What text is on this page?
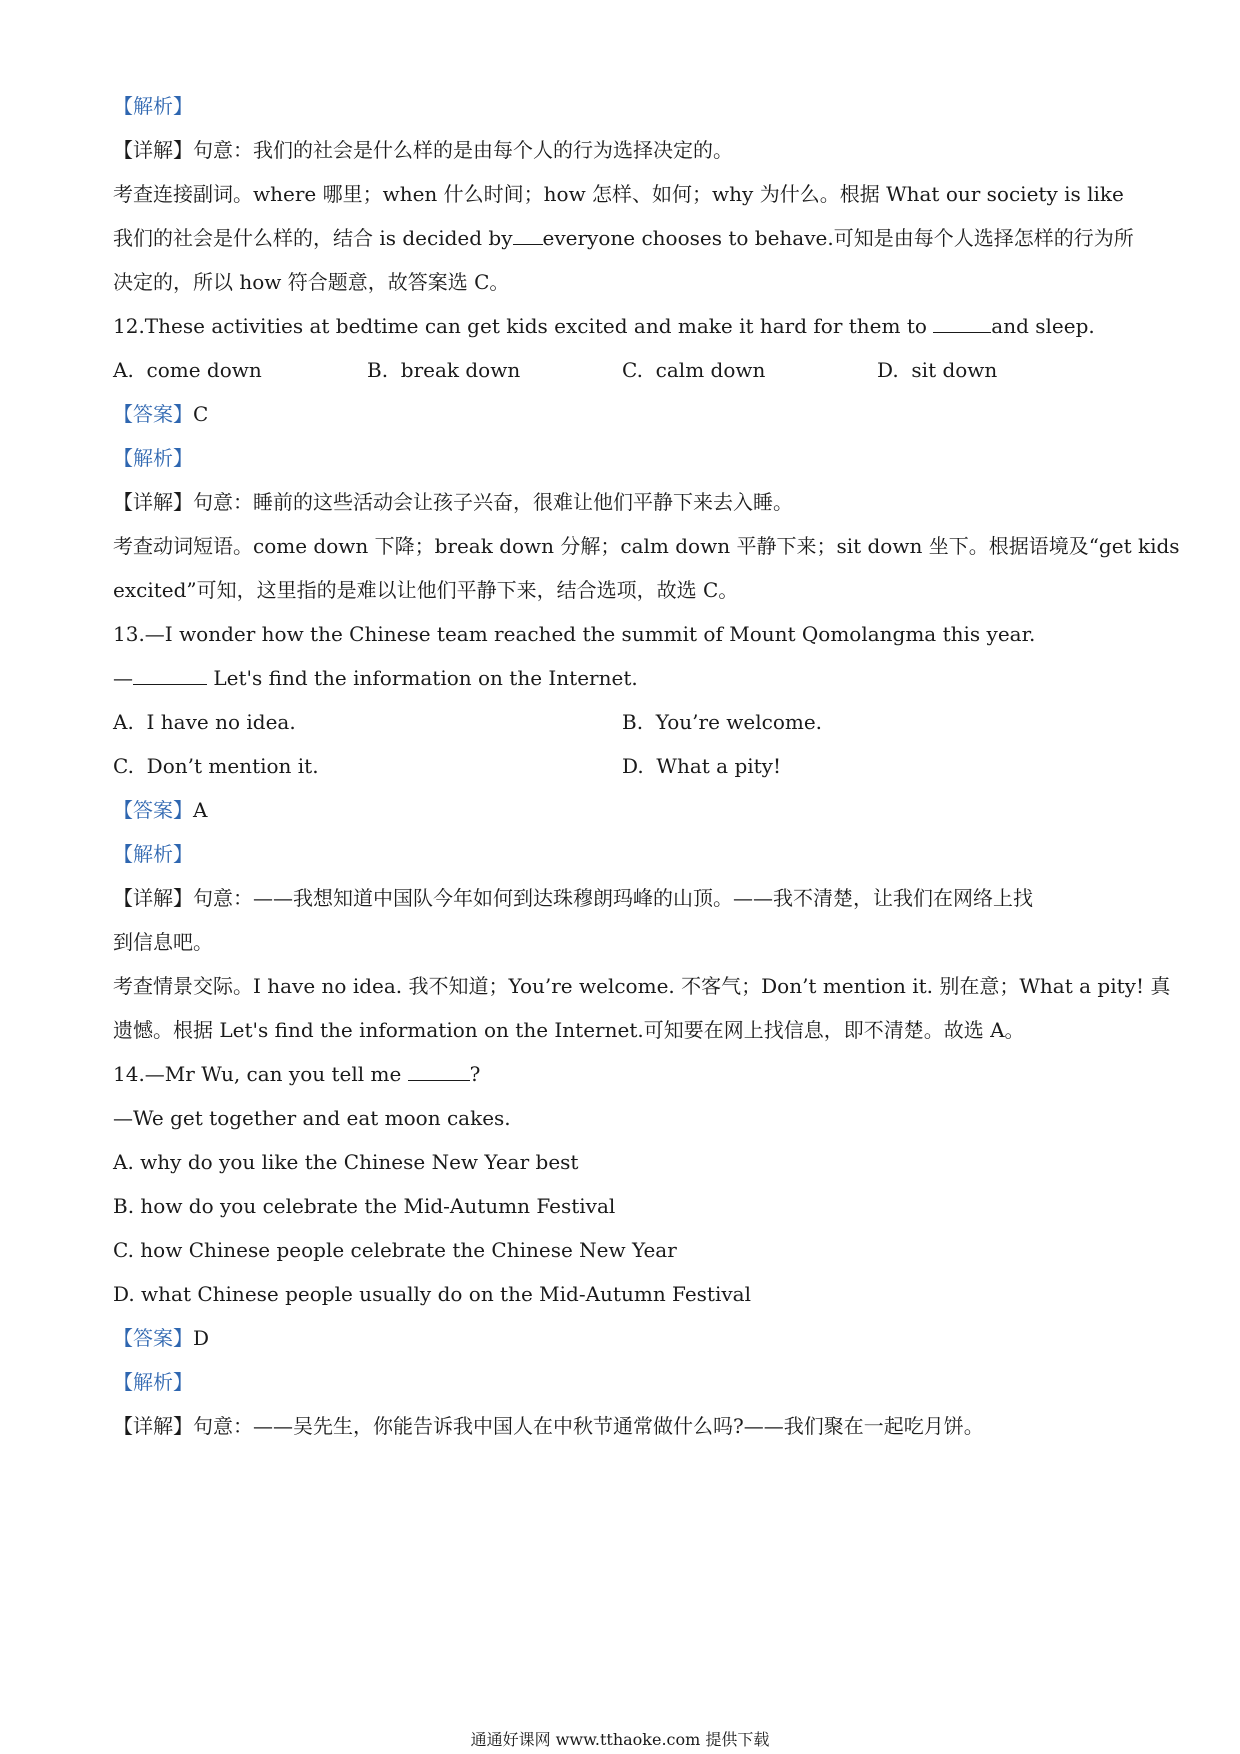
【解析】
【详解】句意：我们的社会是什么样的是由每个人的行为选择决定的。
考查连接副词。where 哪里；when 什么时间；how 怎样、如何；why 为什么。根据 What our society is like
我们的社会是什么样的，结合 is decided by everyone chooses to behave.可知是由每个人选择怎样的行为所
决定的，所以 how 符合题意，故答案选 C。
12.These activities at bedtime can get kids excited and make it hard for them to	and sleep.
A. come down	B. break down	C. calm down	D. sit down
【答案】C
【解析】
【详解】句意：睡前的这些活动会让孩子兴奋，很难让他们平静下来去入睡。
考查动词短语。come down 下降；break down 分解；calm down 平静下来；sit down 坐下。根据语境及“get kids
excited”可知，这里指的是难以让他们平静下来，结合选项，故选 C。
13.—I wonder how the Chinese team reached the summit of Mount Qomolangma this year.
—	Let's find the information on the Internet.
A. I have no idea.	B. You’re welcome.
C. Don’t mention it.	D. What a pity!
【答案】A
【解析】
【详解】句意：——我想知道中国队今年如何到达珠穆朗玛峰的山顶。——我不清楚，让我们在网络上找
到信息吧。
考查情景交际。I have no idea. 我不知道；You’re welcome. 不客气；Don’t mention it. 别在意；What a pity! 真
遗憾。根据 Let's find the information on the Internet.可知要在网上找信息，即不清楚。故选 A。
14.—Mr Wu, can you tell me	?
—We get together and eat moon cakes.
A. why do you like the Chinese New Year best
B. how do you celebrate the Mid-Autumn Festival
C. how Chinese people celebrate the Chinese New Year
D. what Chinese people usually do on the Mid-Autumn Festival
【答案】D
【解析】
【详解】句意：——吴先生，你能告诉我中国人在中秋节通常做什么吗?——我们聚在一起吃月饼。
通通好课网 www.tthaoke.com 提供下载
